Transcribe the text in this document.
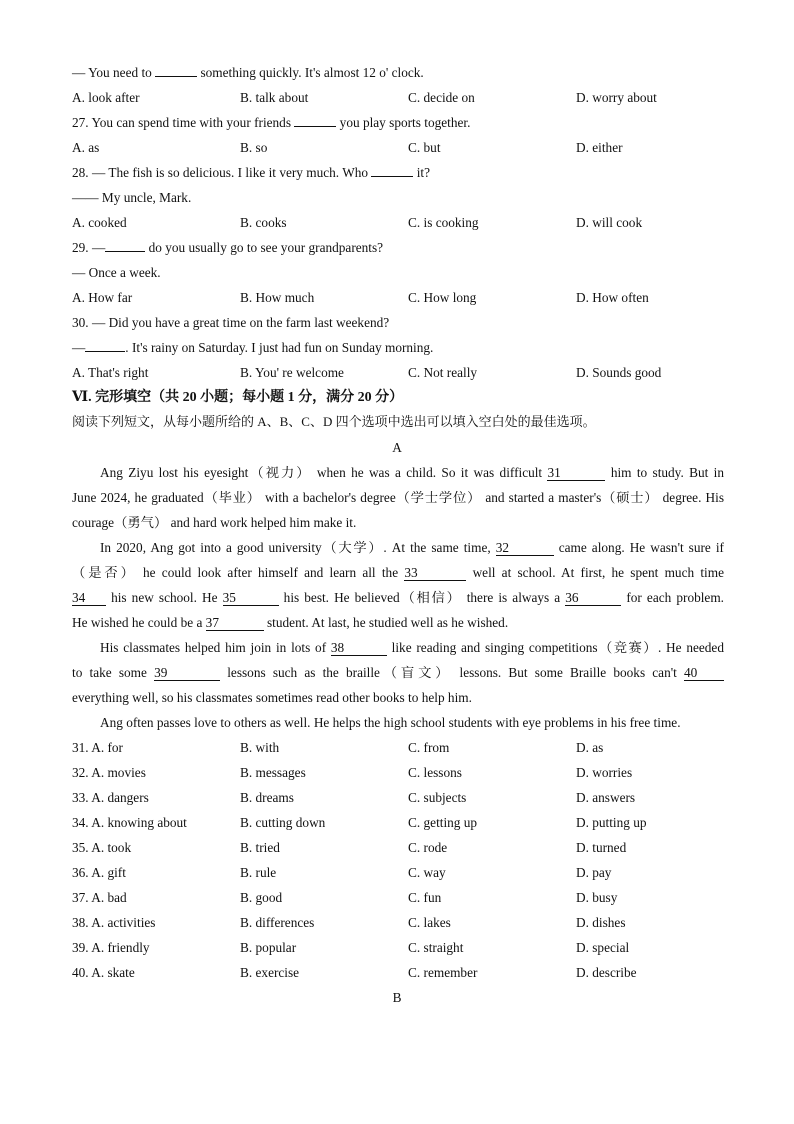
— You need to	something quickly. It's almost 12 o' clock.
A. look after	B. talk about	C. decide on	D. worry about
27. You can spend time with your friends	you play sports together.
A. as	B. so	C. but	D. either
28. — The fish is so delicious. I like it very much. Who	it?
—— My uncle, Mark.
A. cooked	B. cooks	C. is cooking	D. will cook
29. —	do you usually go to see your grandparents?
— Once a week.
A. How far	B. How much	C. How long	D. How often
30. — Did you have a great time on the farm last weekend?
—	. It's rainy on Saturday. I just had fun on Sunday morning.
A. That's right	B. You' re welcome	C. Not really	D. Sounds good
Ⅵ. 完形填空（共 20 小题；每小题 1 分，满分 20 分）
阅读下列短文，从每小题所给的 A、B、C、D 四个选项中选出可以填入空白处的最佳选项。
A
Ang Ziyu lost his eyesight（视力） when he was a child. So it was difficult 31	him to study. But in
June 2024, he graduated（毕业） with a bachelor's degree（学士学位） and started a master's（硕士） degree. His
courage（勇气） and hard work helped him make it.
In 2020, Ang got into a good university（大学）. At the same time, 32	came along. He wasn't sure if
（是否） he could look after himself and learn all the 33	well at school. At first, he spent much time
34 his new school. He 35	his best. He believed（相信） there is always a 36	for each problem.
He wished he could be a 37	student. At last, he studied well as he wished.
His classmates helped him join in lots of 38	like reading and singing competitions（竞赛）. He needed
to take some 39	lessons such as the braille（盲文） lessons. But some Braille books can't 40
everything well, so his classmates sometimes read other books to help him.
Ang often passes love to others as well. He helps the high school students with eye problems in his free time.
31. A. for	B. with	C. from	D. as
32. A. movies	B. messages	C. lessons	D. worries
33. A. dangers	B. dreams	C. subjects	D. answers
34. A. knowing about	B. cutting down	C. getting up	D. putting up
35. A. took	B. tried	C. rode	D. turned
36. A. gift	B. rule	C. way	D. pay
37. A. bad	B. good	C. fun	D. busy
38. A. activities	B. differences	C. lakes	D. dishes
39. A. friendly	B. popular	C. straight	D. special
40. A. skate	B. exercise	C. remember	D. describe
B
